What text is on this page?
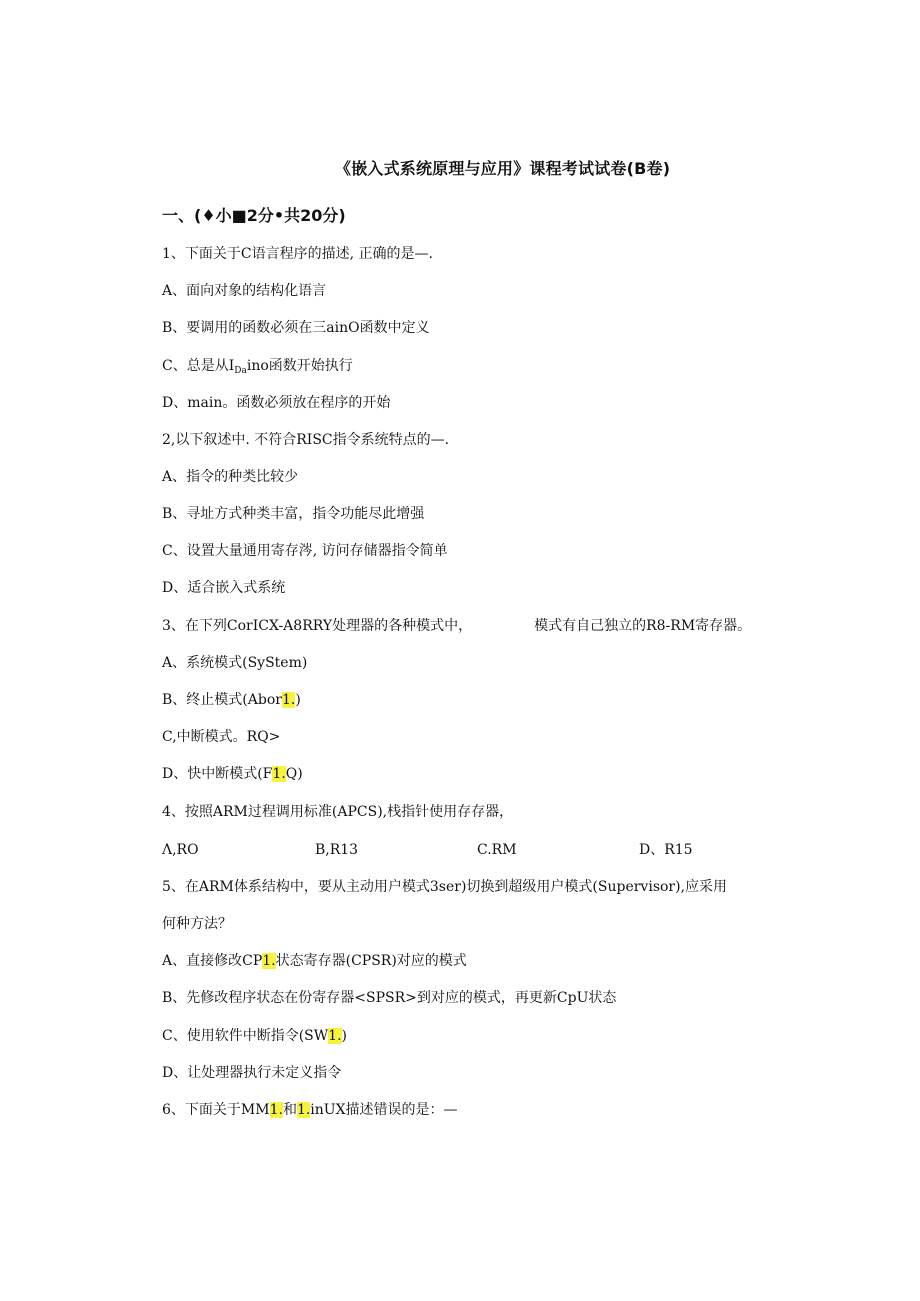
《嵌入式系统原理与应用》课程考试试卷(B卷)
一、(♦小■2分•共20分)
1、下面关于C语言程序的描述, 正确的是—.
A、面向对象的结构化语言
B、要调用的函数必须在三ainO函数中定义
C、总是从$I_{Da}ino$函数开始执行
D、main。函数必须放在程序的开始
2,以下叙述中. 不符合RISC指令系统特点的—.
A、指令的种类比较少
B、寻址方式种类丰富，指令功能尽此增强
C、设置大量通用寄存涔, 访问存储器指令简单
D、适合嵌入式系统
3、在下列CorICX-A8RRY处理器的各种模式中，	模式有自己独立的R8-RM寄存器。
A、系统模式(SyStem)
B、终止模式(Abor1.)
C,中断模式。RQ>
D、快中断模式(F1.Q)
4、按照ARM过程调用标准(APCS),栈指针使用存存器，
Λ,RO	B,R13	C.RM	D、R15
5、在ARM体系结构中，要从主动用户模式3ser)切换到超级用户模式(Supervisor),应采用
何种方法？
A、直接修改CP1.状态寄存器(CPSR)对应的模式
B、先修改程序状态在份寄存器<SPSR>到对应的模式，再更新CpU状态
C、使用软件中断指令(SW1.)
D、让处理器执行未定义指令
6、下面关于MM1.和1.inUX描述错误的是：—
